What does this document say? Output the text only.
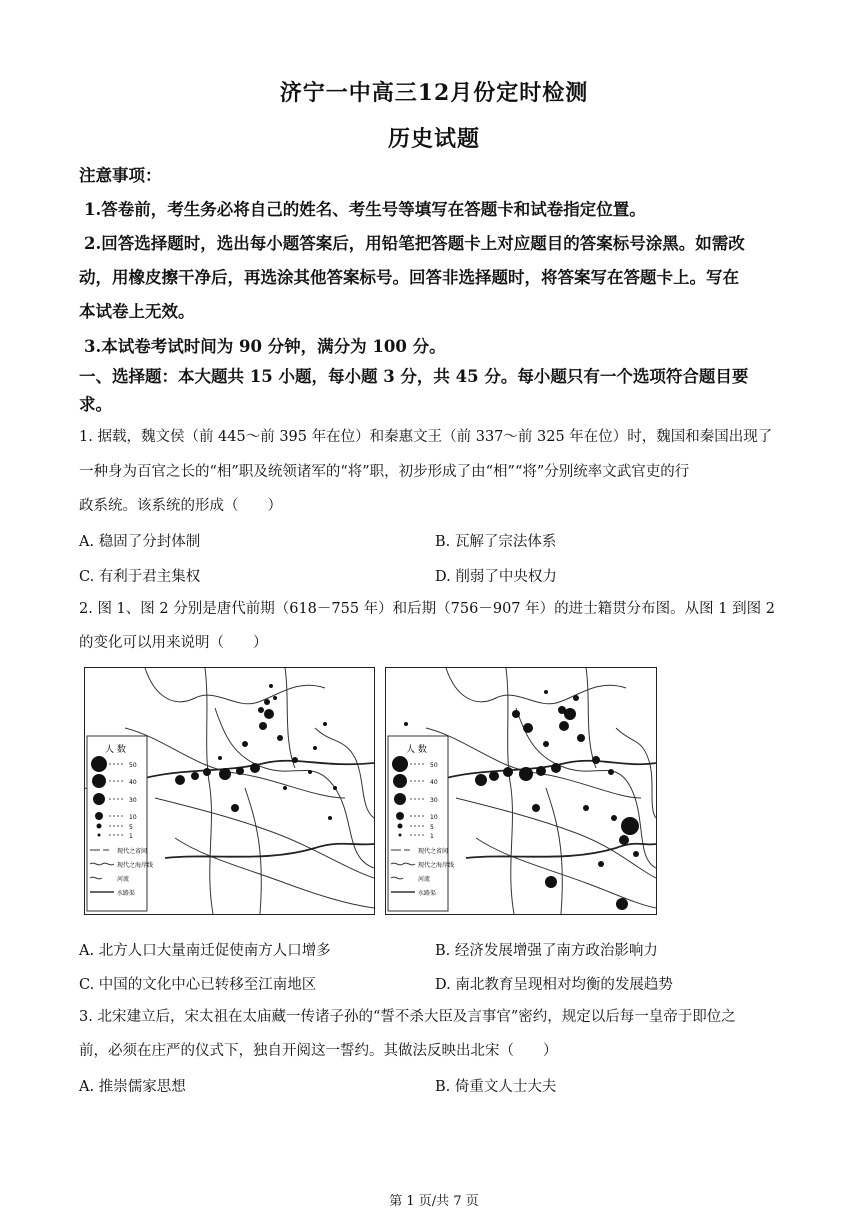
济宁一中高三12月份定时检测
历史试题
注意事项：
1.答卷前，考生务必将自己的姓名、考生号等填写在答题卡和试卷指定位置。
2.回答选择题时，选出每小题答案后，用铅笔把答题卡上对应题目的答案标号涂黑。如需改
动，用橡皮擦干净后，再选涂其他答案标号。回答非选择题时，将答案写在答题卡上。写在
本试卷上无效。
3.本试卷考试时间为 90 分钟，满分为 100 分。
一、选择题：本大题共 15 小题，每小题 3 分，共 45 分。每小题只有一个选项符合题目要
求。
1. 据载，魏文侯（前 445～前 395 年在位）和秦惠文王（前 337～前 325 年在位）时，魏国和秦国出现了
一种身为百官之长的“相”职及统领诸军的“将”职，初步形成了由“相”“将”分别统率文武官吏的行
政系统。该系统的形成（　　）
A. 稳固了分封体制	B. 瓦解了宗法体系
C. 有利于君主集权	D. 削弱了中央权力
2. 图 1、图 2 分别是唐代前期（618－755 年）和后期（756－907 年）的进士籍贯分布图。从图 1 到图 2
的变化可以用来说明（　　）
人 数
50
40
30
10
5
1
现代之省间
现代之海岸线
河流
水路渠
人 数
50
40
30
10
5
1
现代之省间
现代之海岸线
河流
水路渠
A. 北方人口大量南迁促使南方人口增多	B. 经济发展增强了南方政治影响力
C. 中国的文化中心已转移至江南地区	D. 南北教育呈现相对均衡的发展趋势
3. 北宋建立后，宋太祖在太庙藏一传诸子孙的“誓不杀大臣及言事官”密约，规定以后每一皇帝于即位之
前，必须在庄严的仪式下，独自开阅这一誓约。其做法反映出北宋（　　）
A. 推崇儒家思想	B. 倚重文人士大夫
第 1 页/共 7 页
